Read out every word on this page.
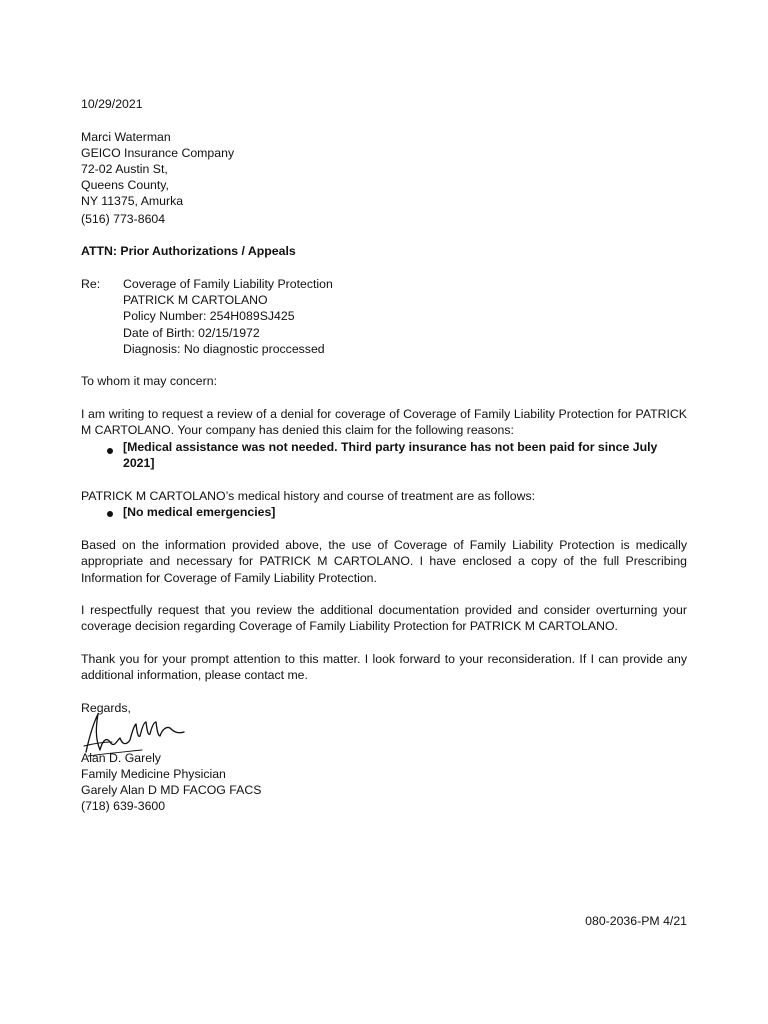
10/29/2021
Marci Waterman
GEICO Insurance Company
72-02 Austin St,
Queens County,
NY 11375, Amurka
(516) 773-8604
ATTN: Prior Authorizations / Appeals
Re: Coverage of Family Liability Protection
PATRICK M CARTOLANO
Policy Number: 254H089SJ425
Date of Birth: 02/15/1972
Diagnosis: No diagnostic proccessed
To whom it may concern:
I am writing to request a review of a denial for coverage of Coverage of Family Liability Protection for PATRICK M CARTOLANO. Your company has denied this claim for the following reasons:
[Medical assistance was not needed. Third party insurance has not been paid for since July 2021]
PATRICK M CARTOLANO’s medical history and course of treatment are as follows:
[No medical emergencies]
Based on the information provided above, the use of Coverage of Family Liability Protection is medically appropriate and necessary for PATRICK M CARTOLANO. I have enclosed a copy of the full Prescribing Information for Coverage of Family Liability Protection.
I respectfully request that you review the additional documentation provided and consider overturning your coverage decision regarding Coverage of Family Liability Protection for PATRICK M CARTOLANO.
Thank you for your prompt attention to this matter. I look forward to your reconsideration. If I can provide any additional information, please contact me.
Regards,
Alan D. Garely
Family Medicine Physician
Garely Alan D MD FACOG FACS
(718) 639-3600
080-2036-PM 4/21
